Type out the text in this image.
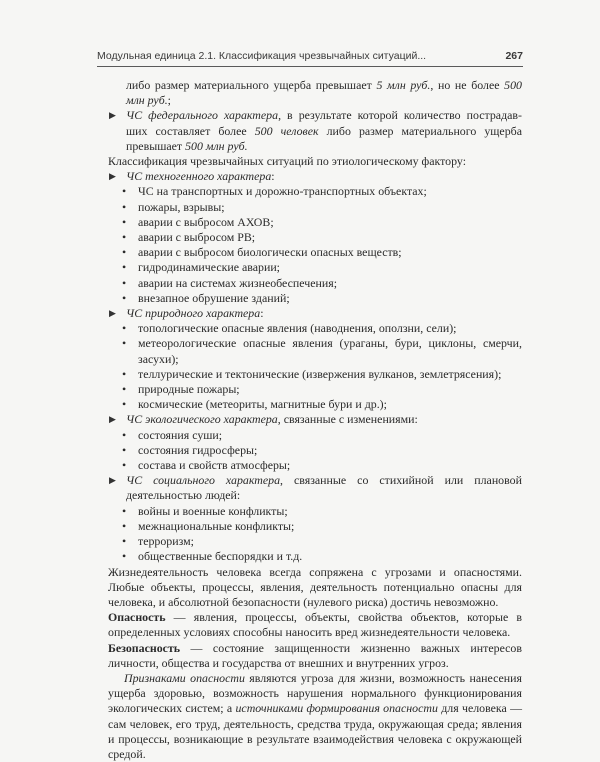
Модульная единица 2.1. Классификация чрезвычайных ситуаций...	267

либо размер материального ущерба превышает 5 млн руб., но не более 500 млн руб.;

▶ ЧС федерального характера, в результате которой количество пострадав-ших составляет более 500 человек либо размер материального ущерба превышает 500 млн руб.

Классификация чрезвычайных ситуаций по этиологическому фактору:

▶ ЧС техногенного характера:
• ЧС на транспортных и дорожно-транспортных объектах;
• пожары, взрывы;
• аварии с выбросом АХОВ;
• аварии с выбросом РВ;
• аварии с выбросом биологически опасных веществ;
• гидродинамические аварии;
• аварии на системах жизнеобеспечения;
• внезапное обрушение зданий;
▶ ЧС природного характера:
• топологические опасные явления (наводнения, оползни, сели);
• метеорологические опасные явления (ураганы, бури, циклоны, смерчи, засухи);
• теллурические и тектонические (извержения вулканов, землетрясения);
• природные пожары;
• космические (метеориты, магнитные бури и др.);
▶ ЧС экологического характера, связанные с изменениями:
• состояния суши;
• состояния гидросферы;
• состава и свойств атмосферы;
▶ ЧС социального характера, связанные со стихийной или плановой деятельностью людей:
• войны и военные конфликты;
• межнациональные конфликты;
• терроризм;
• общественные беспорядки и т.д.

Жизнедеятельность человека всегда сопряжена с угрозами и опасностями. Любые объекты, процессы, явления, деятельность потенциально опасны для человека, и абсолютной безопасности (нулевого риска) достичь невозможно.

Опасность — явления, процессы, объекты, свойства объектов, которые в определенных условиях способны наносить вред жизнедеятельности человека.

Безопасность — состояние защищенности жизненно важных интересов личности, общества и государства от внешних и внутренних угроз.

Признаками опасности являются угроза для жизни, возможность нанесения ущерба здоровью, возможность нарушения нормального функционирования экологических систем; а источниками формирования опасности для человека — сам человек, его труд, деятельность, средства труда, окружающая среда; явления и процессы, возникающие в результате взаимодействия человека с окружающей средой.
